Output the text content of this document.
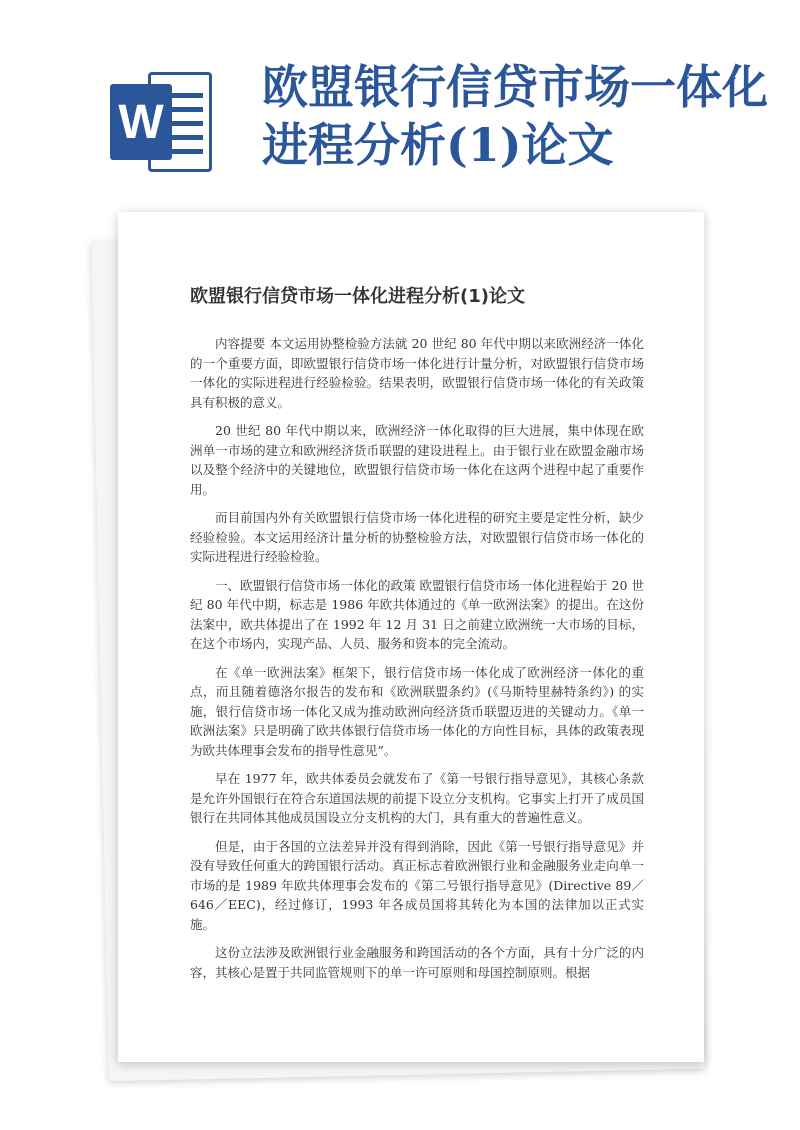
W
欧盟银行信贷市场一体化进程分析(1)论文
欧盟银行信贷市场一体化进程分析(1)论文

内容提要 本文运用协整检验方法就 20 世纪 80 年代中期以来欧洲经济一体化的一个重要方面，即欧盟银行信贷市场一体化进行计量分析，对欧盟银行信贷市场一体化的实际进程进行经验检验。结果表明，欧盟银行信贷市场一体化的有关政策具有积极的意义。

20 世纪 80 年代中期以来，欧洲经济一体化取得的巨大进展，集中体现在欧洲单一市场的建立和欧洲经济货币联盟的建设进程上。由于银行业在欧盟金融市场以及整个经济中的关键地位，欧盟银行信贷市场一体化在这两个进程中起了重要作用。

而目前国内外有关欧盟银行信贷市场一体化进程的研究主要是定性分析，缺少经验检验。本文运用经济计量分析的协整检验方法，对欧盟银行信贷市场一体化的实际进程进行经验检验。

一、欧盟银行信贷市场一体化的政策 欧盟银行信贷市场一体化进程始于 20 世纪 80 年代中期，标志是 1986 年欧共体通过的《单一欧洲法案》的提出。在这份法案中，欧共体提出了在 1992 年 12 月 31 日之前建立欧洲统一大市场的目标，在这个市场内，实现产品、人员、服务和资本的完全流动。

在《单一欧洲法案》框架下，银行信贷市场一体化成了欧洲经济一体化的重点，而且随着德洛尔报告的发布和《欧洲联盟条约》(《马斯特里赫特条约》) 的实施，银行信贷市场一体化又成为推动欧洲向经济货币联盟迈进的关键动力。《单一欧洲法案》只是明确了欧共体银行信贷市场一体化的方向性目标，具体的政策表现为欧共体理事会发布的指导性意见”。

早在 1977 年，欧共体委员会就发布了《第一号银行指导意见》，其核心条款是允许外国银行在符合东道国法规的前提下设立分支机构。它事实上打开了成员国银行在共同体其他成员国设立分支机构的大门，具有重大的普遍性意义。

但是，由于各国的立法差异并没有得到消除，因此《第一号银行指导意见》并没有导致任何重大的跨国银行活动。真正标志着欧洲银行业和金融服务业走向单一市场的是 1989 年欧共体理事会发布的《第二号银行指导意见》(Directive 89／646／EEC)，经过修订，1993 年各成员国将其转化为本国的法律加以正式实施。

这份立法涉及欧洲银行业金融服务和跨国活动的各个方面，具有十分广泛的内容，其核心是置于共同监管规则下的单一许可原则和母国控制原则。根据
